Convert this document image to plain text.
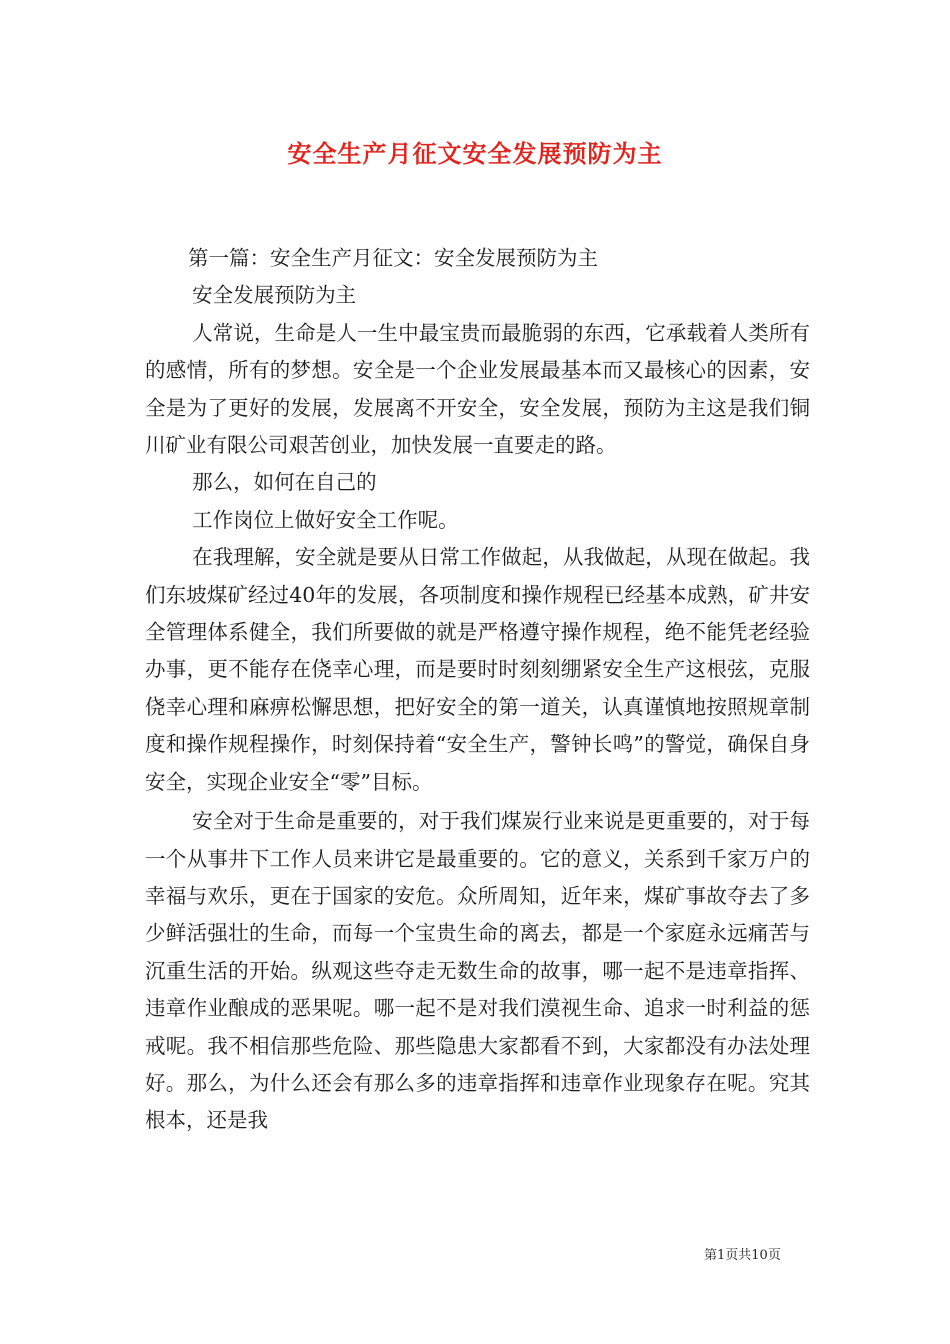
安全生产月征文安全发展预防为主

第一篇：安全生产月征文：安全发展预防为主

安全发展预防为主

人常说，生命是人一生中最宝贵而最脆弱的东西，它承载着人类所有的感情，所有的梦想。安全是一个企业发展最基本而又最核心的因素，安全是为了更好的发展，发展离不开安全，安全发展，预防为主这是我们铜川矿业有限公司艰苦创业，加快发展一直要走的路。

那么，如何在自己的

工作岗位上做好安全工作呢。

在我理解，安全就是要从日常工作做起，从我做起，从现在做起。我们东坡煤矿经过40年的发展，各项制度和操作规程已经基本成熟，矿井安全管理体系健全，我们所要做的就是严格遵守操作规程，绝不能凭老经验办事，更不能存在侥幸心理，而是要时时刻刻绷紧安全生产这根弦，克服侥幸心理和麻痹松懈思想，把好安全的第一道关，认真谨慎地按照规章制度和操作规程操作，时刻保持着“安全生产，警钟长鸣”的警觉，确保自身安全，实现企业安全“零”目标。

安全对于生命是重要的，对于我们煤炭行业来说是更重要的，对于每一个从事井下工作人员来讲它是最重要的。它的意义，关系到千家万户的幸福与欢乐，更在于国家的安危。众所周知，近年来，煤矿事故夺去了多少鲜活强壮的生命，而每一个宝贵生命的离去，都是一个家庭永远痛苦与沉重生活的开始。纵观这些夺走无数生命的故事，哪一起不是违章指挥、违章作业酿成的恶果呢。哪一起不是对我们漠视生命、追求一时利益的惩戒呢。我不相信那些危险、那些隐患大家都看不到，大家都没有办法处理好。那么，为什么还会有那么多的违章指挥和违章作业现象存在呢。究其根本，还是我

第1页共10页
